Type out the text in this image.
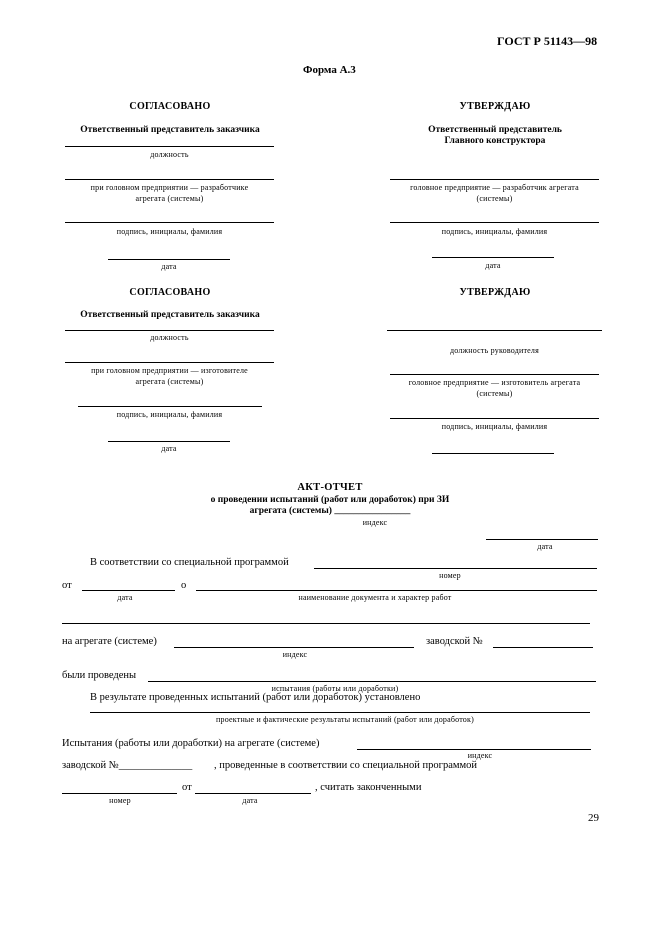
ГОСТ Р 51143—98
Форма А.3
СОГЛАСОВАНО
Ответственный представитель заказчика
должность
при головном предприятии — разработчике
агрегата (системы)
подпись, инициалы, фамилия
дата
УТВЕРЖДАЮ
Ответственный представитель
Главного конструктора
головное предприятие — разработчик агрегата
(системы)
подпись, инициалы, фамилия
дата
СОГЛАСОВАНО
Ответственный представитель заказчика
должность
при головном предприятии — изготовителе
агрегата (системы)
подпись, инициалы, фамилия
дата
УТВЕРЖДАЮ
должность руководителя
головное предприятие — изготовитель агрегата
(системы)
подпись, инициалы, фамилия
АКТ-ОТЧЕТ
о проведении испытаний (работ или доработок) при ЗИ
агрегата (системы) ________________
индекс
дата
В соответствии со специальной программой
номер
от	о
дата	наименование документа и характер работ
на агрегате (системе)	заводской №
индекс
были проведены
испытания (работы или доработки)
В результате проведенных испытаний (работ или доработок) установлено
проектные и фактические результаты испытаний (работ или доработок)
Испытания (работы или доработки) на агрегате (системе)
индекс
заводской №______________ , проведенные в соответствии со специальной программой
от	, считать законченными
номер	дата
29
